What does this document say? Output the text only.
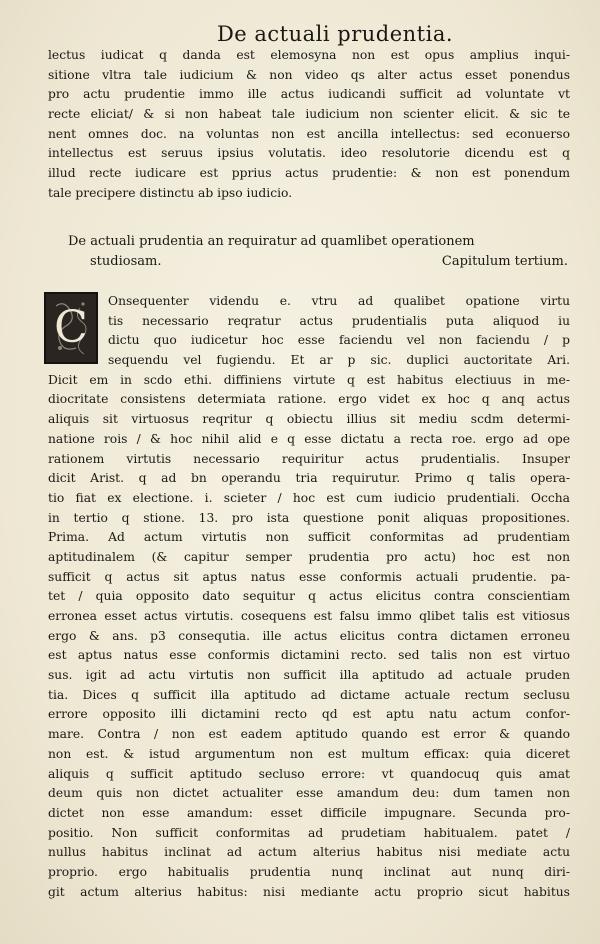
De actuali prudentia.
lectus iudicat q danda est elemosyna non est opus amplius inqui-
sitione vltra tale iudicium & non video qs alter actus esset ponendus
pro actu prudentie immo ille actus iudicandi sufficit ad voluntate vt
recte eliciat/ & si non habeat tale iudicium non scienter elicit. & sic te
nent omnes doc. na voluntas non est ancilla intellectus: sed econuerso
intellectus est seruus ipsius volutatis. ideo resolutorie dicendu est q
illud recte iudicare est pprius actus prudentie: & non est ponendum
tale precipere distinctu ab ipso iudicio.
De actuali prudentia an requiratur ad quamlibet operationem
studiosam.	Capitulum tertium.
C
Onsequenter videndu e. vtru ad qualibet opatione virtu
tis necessario reqratur actus prudentialis puta aliquod iu
dictu quo iudicetur hoc esse faciendu vel non faciendu / p
sequendu vel fugiendu. Et ar p sic. duplici auctoritate Ari.
Dicit em in scdo ethi. diffiniens virtute q est habitus electiuus in me-
diocritate consistens determiata ratione. ergo videt ex hoc q anq actus
aliquis sit virtuosus reqritur q obiectu illius sit mediu scdm determi-
natione rois / & hoc nihil alid e q esse dictatu a recta roe. ergo ad ope
rationem virtutis necessario requiritur actus prudentialis. Insuper
dicit Arist. q ad bn operandu tria requirutur. Primo q talis opera-
tio fiat ex electione. i. scieter / hoc est cum iudicio prudentiali. Occha
in tertio q stione. 13. pro ista questione ponit aliquas propositiones.
Prima. Ad actum virtutis non sufficit conformitas ad prudentiam
aptitudinalem (& capitur semper prudentia pro actu) hoc est non
sufficit q actus sit aptus natus esse conformis actuali prudentie. pa-
tet / quia opposito dato sequitur q actus elicitus contra conscientiam
erronea esset actus virtutis. cosequens est falsu immo qlibet talis est vitiosus
ergo & ans. p3 consequtia. ille actus elicitus contra dictamen erroneu
est aptus natus esse conformis dictamini recto. sed talis non est virtuo
sus. igit ad actu virtutis non sufficit illa aptitudo ad actuale pruden
tia. Dices q sufficit illa aptitudo ad dictame actuale rectum seclusu
errore opposito illi dictamini recto qd est aptu natu actum confor-
mare. Contra / non est eadem aptitudo quando est error & quando
non est. & istud argumentum non est multum efficax: quia diceret
aliquis q sufficit aptitudo secluso errore: vt quandocuq quis amat
deum quis non dictet actualiter esse amandum deu: dum tamen non
dictet non esse amandum: esset difficile impugnare. Secunda pro-
positio. Non sufficit conformitas ad prudetiam habitualem. patet /
nullus habitus inclinat ad actum alterius habitus nisi mediate actu
proprio. ergo habitualis prudentia nunq inclinat aut nunq diri-
git actum alterius habitus: nisi mediante actu proprio sicut habitus
